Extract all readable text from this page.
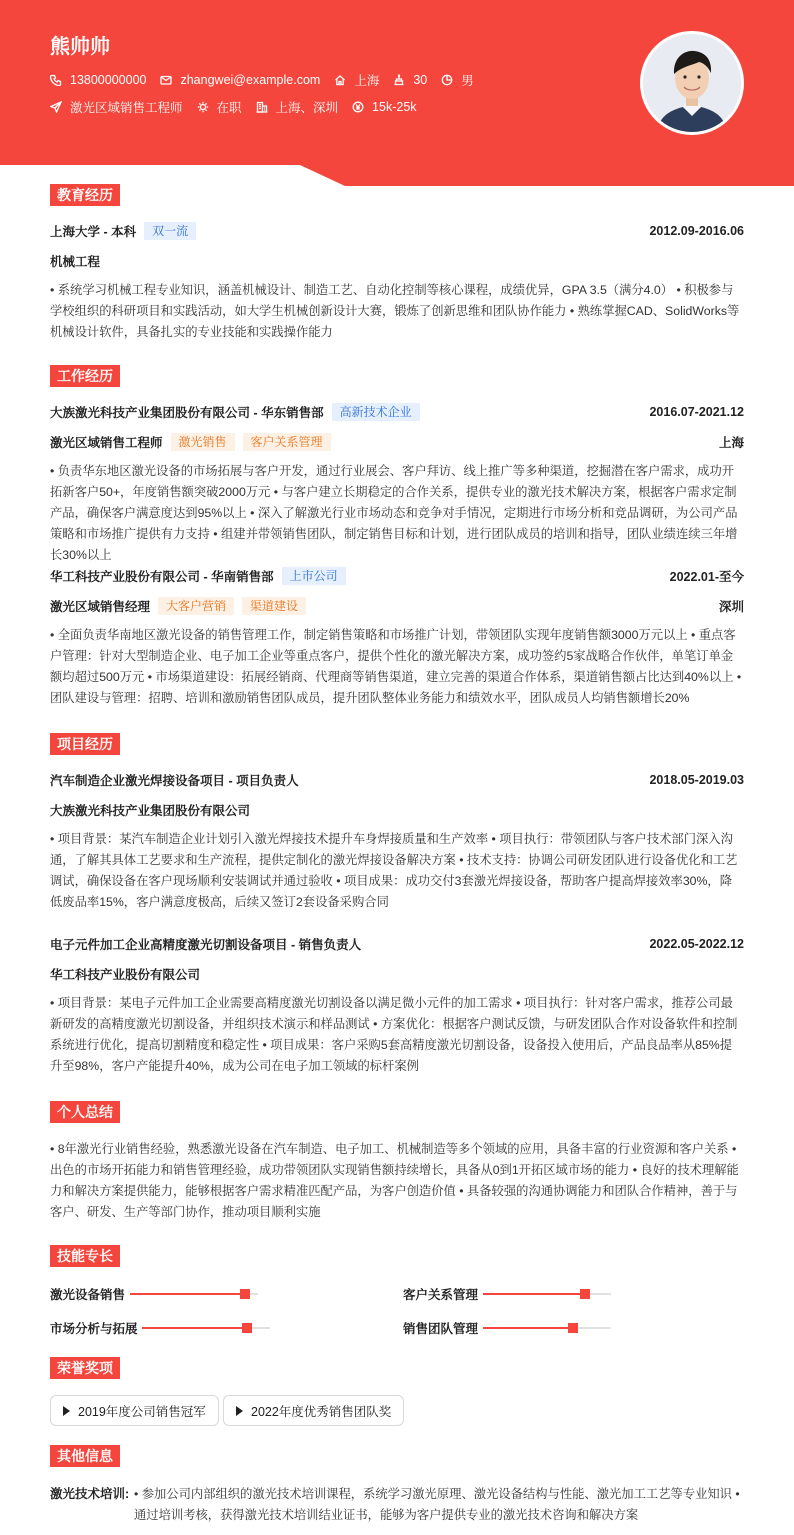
熊帅帅
13800000000	zhangwei@example.com	上海	30	男
激光区域销售工程师	在职	上海、深圳	15k-25k
教育经历
上海大学 - 本科	双一流	2012.09-2016.06
机械工程
• 系统学习机械工程专业知识，涵盖机械设计、制造工艺、自动化控制等核心课程，成绩优异，GPA 3.5（满分4.0） • 积极参与学校组织的科研项目和实践活动，如大学生机械创新设计大赛，锻炼了创新思维和团队协作能力 • 熟练掌握CAD、SolidWorks等机械设计软件，具备扎实的专业技能和实践操作能力
工作经历
大族激光科技产业集团股份有限公司 - 华东销售部	高新技术企业	2016.07-2021.12
激光区域销售工程师	激光销售	客户关系管理	上海
• 负责华东地区激光设备的市场拓展与客户开发，通过行业展会、客户拜访、线上推广等多种渠道，挖掘潜在客户需求，成功开拓新客户50+，年度销售额突破2000万元 • 与客户建立长期稳定的合作关系，提供专业的激光技术解决方案，根据客户需求定制产品，确保客户满意度达到95%以上 • 深入了解激光行业市场动态和竞争对手情况，定期进行市场分析和竞品调研，为公司产品策略和市场推广提供有力支持 • 组建并带领销售团队，制定销售目标和计划，进行团队成员的培训和指导，团队业绩连续三年增长30%以上
华工科技产业股份有限公司 - 华南销售部	上市公司	2022.01-至今
激光区域销售经理	大客户营销	渠道建设	深圳
• 全面负责华南地区激光设备的销售管理工作，制定销售策略和市场推广计划，带领团队实现年度销售额3000万元以上 • 重点客户管理：针对大型制造企业、电子加工企业等重点客户，提供个性化的激光解决方案，成功签约5家战略合作伙伴，单笔订单金额均超过500万元 • 市场渠道建设：拓展经销商、代理商等销售渠道，建立完善的渠道合作体系，渠道销售额占比达到40%以上 • 团队建设与管理：招聘、培训和激励销售团队成员，提升团队整体业务能力和绩效水平，团队成员人均销售额增长20%
项目经历
汽车制造企业激光焊接设备项目 - 项目负责人	2018.05-2019.03
大族激光科技产业集团股份有限公司
• 项目背景：某汽车制造企业计划引入激光焊接技术提升车身焊接质量和生产效率 • 项目执行：带领团队与客户技术部门深入沟通，了解其具体工艺要求和生产流程，提供定制化的激光焊接设备解决方案 • 技术支持：协调公司研发团队进行设备优化和工艺调试，确保设备在客户现场顺利安装调试并通过验收 • 项目成果：成功交付3套激光焊接设备，帮助客户提高焊接效率30%，降低废品率15%，客户满意度极高，后续又签订2套设备采购合同
电子元件加工企业高精度激光切割设备项目 - 销售负责人	2022.05-2022.12
华工科技产业股份有限公司
• 项目背景：某电子元件加工企业需要高精度激光切割设备以满足微小元件的加工需求 • 项目执行：针对客户需求，推荐公司最新研发的高精度激光切割设备，并组织技术演示和样品测试 • 方案优化：根据客户测试反馈，与研发团队合作对设备软件和控制系统进行优化，提高切割精度和稳定性 • 项目成果：客户采购5套高精度激光切割设备，设备投入使用后，产品良品率从85%提升至98%，客户产能提升40%，成为公司在电子加工领域的标杆案例
个人总结
• 8年激光行业销售经验，熟悉激光设备在汽车制造、电子加工、机械制造等多个领域的应用，具备丰富的行业资源和客户关系 • 出色的市场开拓能力和销售管理经验，成功带领团队实现销售额持续增长，具备从0到1开拓区域市场的能力 • 良好的技术理解能力和解决方案提供能力，能够根据客户需求精准匹配产品，为客户创造价值 • 具备较强的沟通协调能力和团队合作精神，善于与客户、研发、生产等部门协作，推动项目顺利实施
技能专长
激光设备销售	客户关系管理
市场分析与拓展	销售团队管理
荣誉奖项
2019年度公司销售冠军	2022年度优秀销售团队奖
其他信息
激光技术培训: • 参加公司内部组织的激光技术培训课程，系统学习激光原理、激光设备结构与性能、激光加工工艺等专业知识 • 通过培训考核，获得激光技术培训结业证书，能够为客户提供专业的激光技术咨询和解决方案
